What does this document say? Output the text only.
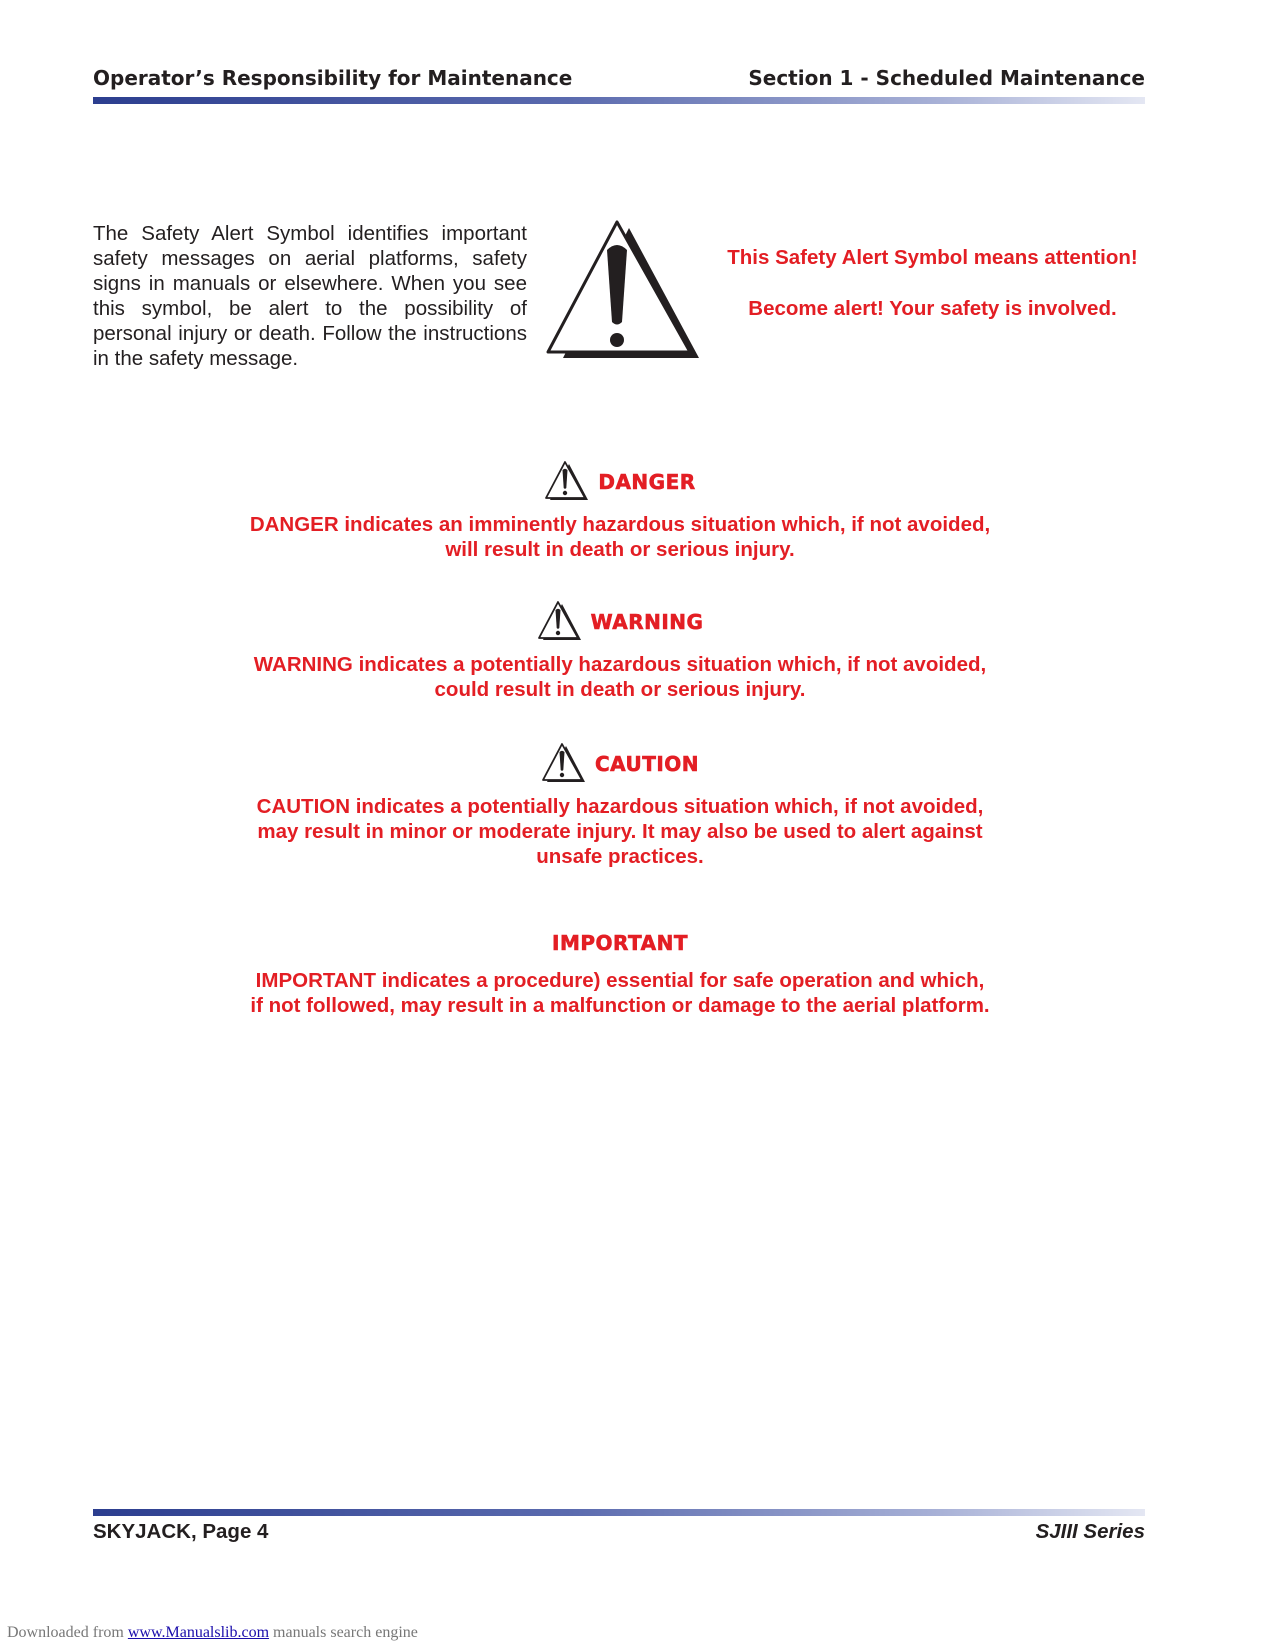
Operator’s Responsibility for Maintenance	Section 1 - Scheduled Maintenance

The Safety Alert Symbol identifies important safety messages on aerial platforms, safety signs in manuals or elsewhere. When you see this symbol, be alert to the possibility of personal injury or death. Follow the instructions in the safety message.

This Safety Alert Symbol means attention!

Become alert! Your safety is involved.

DANGER

DANGER indicates an imminently hazardous situation which, if not avoided,
will result in death or serious injury.

WARNING

WARNING indicates a potentially hazardous situation which, if not avoided,
could result in death or serious injury.

CAUTION

CAUTION indicates a potentially hazardous situation which, if not avoided,
may result in minor or moderate injury. It may also be used to alert against
unsafe practices.

IMPORTANT

IMPORTANT indicates a procedure) essential for safe operation and which,
if not followed, may result in a malfunction or damage to the aerial platform.

SKYJACK, Page 4	SJIII Series
Downloaded from www.Manualslib.com manuals search engine
